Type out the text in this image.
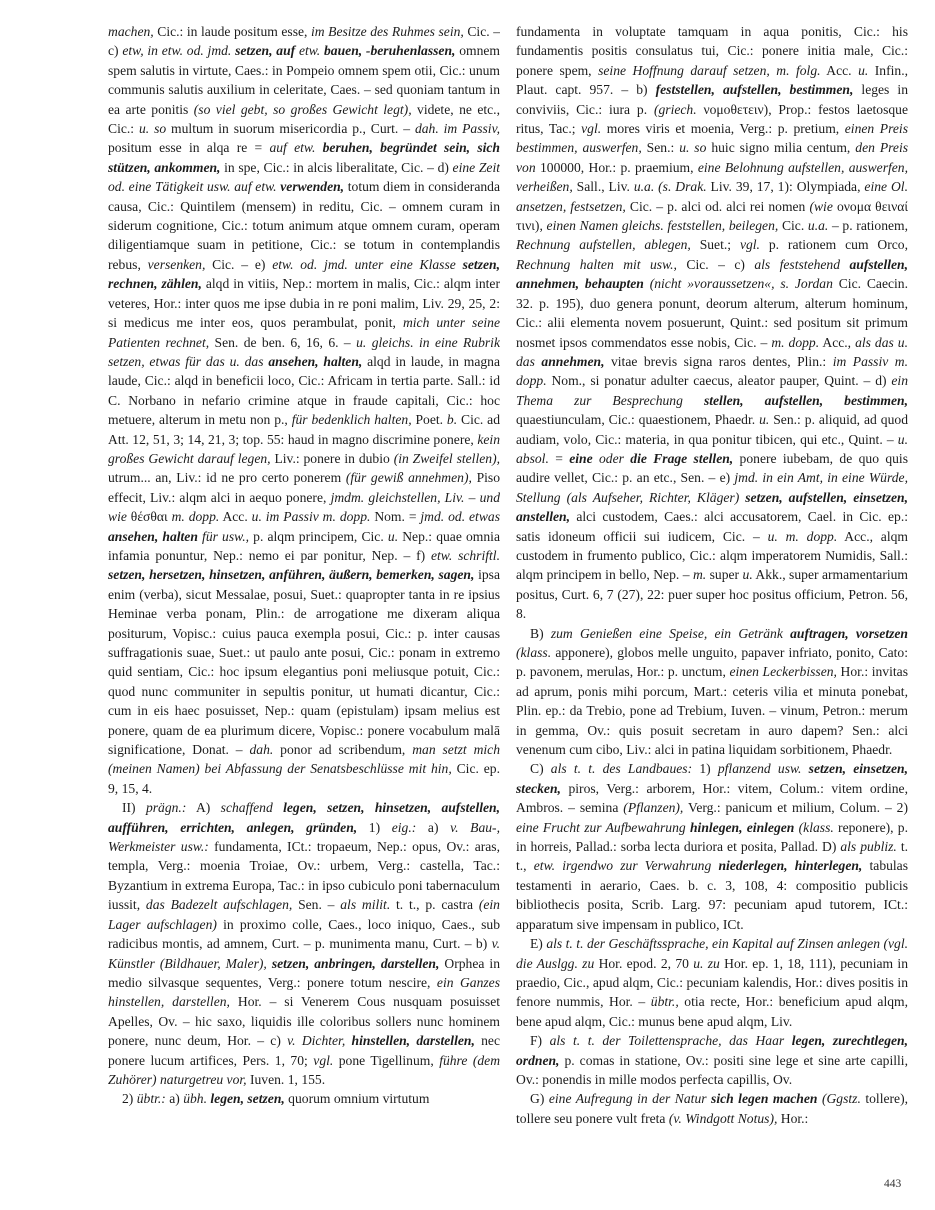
machen, Cic.: in laude positum esse, im Besitze des Ruhmes sein, Cic. – c) etw, in etw. od. jmd. setzen, auf etw. bauen, -beruhenlassen, omnem spem salutis in virtute, Caes.: in Pompeio omnem spem otii, Cic.: unum communis salutis auxilium in celeritate, Caes. – sed quoniam tantum in ea arte ponitis (so viel gebt, so großes Gewicht legt), videte, ne etc., Cic.: u. so multum in suorum misericordia p., Curt. – dah. im Passiv, positum esse in alqa re = auf etw. beruhen, begründet sein, sich stützen, ankommen, in spe, Cic.: in alcis liberalitate, Cic. – d) eine Zeit od. eine Tätigkeit usw. auf etw. verwenden, totum diem in consideranda causa, Cic.: Quintilem (mensem) in reditu, Cic. – omnem curam in siderum cognitione, Cic.: totum animum atque omnem curam, operam diligentiamque suam in petitione, Cic.: se totum in contemplandis rebus, versenken, Cic. – e) etw. od. jmd. unter eine Klasse setzen, rechnen, zählen, alqd in vitiis, Nep.: mortem in malis, Cic.: alqm inter veteres, Hor.: inter quos me ipse dubia in re poni malim, Liv. 29, 25, 2: si medicus me inter eos, quos perambulat, ponit, mich unter seine Patienten rechnet, Sen. de ben. 6, 16, 6. – u. gleichs. in eine Rubrik setzen, etwas für das u. das ansehen, halten, alqd in laude, in magna laude, Cic.: alqd in beneficii loco, Cic.: Africam in tertia parte. Sall.: id C. Norbano in nefario crimine atque in fraude capitali, Cic.: hoc metuere, alterum in metu non p., für bedenklich halten, Poet. b. Cic. ad Att. 12, 51, 3; 14, 21, 3; top. 55: haud in magno discrimine ponere, kein großes Gewicht darauf legen, Liv.: ponere in dubio (in Zweifel stellen), utrum... an, Liv.: id ne pro certo ponerem (für gewiß annehmen), Piso effecit, Liv.: alqm alci in aequo ponere, jmdm. gleichstellen, Liv. – und wie θέσθαι m. dopp. Acc. u. im Passiv m. dopp. Nom. = jmd. od. etwas ansehen, halten für usw., p. alqm principem, Cic. u. Nep.: quae omnia infamia ponuntur, Nep.: nemo ei par ponitur, Nep. – f) etw. schriftl. setzen, hersetzen, hinsetzen, anführen, äußern, bemerken, sagen, ipsa enim (verba), sicut Messalae, posui, Suet.: quapropter tanta in re ipsius Heminae verba ponam, Plin.: de arrogatione me dixeram aliqua positurum, Vopisc.: cuius pauca exempla posui, Cic.: p. inter causas suffragationis suae, Suet.: ut paulo ante posui, Cic.: ponam in extremo quid sentiam, Cic.: hoc ipsum elegantius poni meliusque potuit, Cic.: quod nunc communiter in sepultis ponitur, ut humati dicantur, Cic.: cum in eis haec posuisset, Nep.: quam (epistulam) ipsam melius est ponere, quam de ea plurimum dicere, Vopisc.: ponere vocabulum malā significatione, Donat. – dah. ponor ad scribendum, man setzt mich (meinen Namen) bei Abfassung der Senatsbeschlüsse mit hin, Cic. ep. 9, 15, 4.

II) prägn.: A) schaffend legen, setzen, hinsetzen, aufstellen, aufführen, errichten, anlegen, gründen, 1) eig.: a) v. Bau-, Werkmeister usw.: fundamenta, ICt.: tropaeum, Nep.: opus, Ov.: aras, templa, Verg.: moenia Troiae, Ov.: urbem, Verg.: castella, Tac.: Byzantium in extrema Europa, Tac.: in ipso cubiculo poni tabernaculum iussit, das Badezelt aufschlagen, Sen. – als milit. t. t., p. castra (ein Lager aufschlagen) in proximo colle, Caes., loco iniquo, Caes., sub radicibus montis, ad amnem, Curt. – p. munimenta manu, Curt. – b) v. Künstler (Bildhauer, Maler), setzen, anbringen, darstellen, Orphea in medio silvasque sequentes, Verg.: ponere totum nescire, ein Ganzes hinstellen, darstellen, Hor. – si Venerem Cous nusquam posuisset Apelles, Ov. – hic saxo, liquidis ille coloribus sollers nunc hominem ponere, nunc deum, Hor. – c) v. Dichter, hinstellen, darstellen, nec ponere lucum artifices, Pers. 1, 70; vgl. pone Tigellinum, führe (dem Zuhörer) naturgetreu vor, Iuven. 1, 155.

2) übtr.: a) übh. legen, setzen, quorum omnium virtutum

fundamenta in voluptate tamquam in aqua ponitis, Cic.: his fundamentis positis consulatus tui, Cic.: ponere initia male, Cic.: ponere spem, seine Hoffnung darauf setzen, m. folg. Acc. u. Infin., Plaut. capt. 957. – b) feststellen, aufstellen, bestimmen, leges in conviviis, Cic.: iura p. (griech. νομοθετειν), Prop.: festos laetosque ritus, Tac.; vgl. mores viris et moenia, Verg.: p. pretium, einen Preis bestimmen, auswerfen, Sen.: u. so huic signo milia centum, den Preis von 100000, Hor.: p. praemium, eine Belohnung aufstellen, auswerfen, verheißen, Sall., Liv. u.a. (s. Drak. Liv. 39, 17, 1): Olympiada, eine Ol. ansetzen, festsetzen, Cic. – p. alci od. alci rei nomen (wie ονομα θειναί τινι), einen Namen gleichs. feststellen, beilegen, Cic. u.a. – p. rationem, Rechnung aufstellen, ablegen, Suet.; vgl. p. rationem cum Orco, Rechnung halten mit usw., Cic. – c) als feststehend aufstellen, annehmen, behaupten (nicht »voraussetzen«, s. Jordan Cic. Caecin. 32. p. 195), duo genera ponunt, deorum alterum, alterum hominum, Cic.: alii elementa novem posuerunt, Quint.: sed positum sit primum nosmet ipsos commendatos esse nobis, Cic. – m. dopp. Acc., als das u. das annehmen, vitae brevis signa raros dentes, Plin.: im Passiv m. dopp. Nom., si ponatur adulter caecus, aleator pauper, Quint. – d) ein Thema zur Besprechung stellen, aufstellen, bestimmen, quaestiunculam, Cic.: quaestionem, Phaedr. u. Sen.: p. aliquid, ad quod audiam, volo, Cic.: materia, in qua ponitur tibicen, qui etc., Quint. – u. absol. = eine oder die Frage stellen, ponere iubebam, de quo quis audire vellet, Cic.: p. an etc., Sen. – e) jmd. in ein Amt, in eine Würde, Stellung (als Aufseher, Richter, Kläger) setzen, aufstellen, einsetzen, anstellen, alci custodem, Caes.: alci accusatorem, Cael. in Cic. ep.: satis idoneum officii sui iudicem, Cic. – u. m. dopp. Acc., alqm custodem in frumento publico, Cic.: alqm imperatorem Numidis, Sall.: alqm principem in bello, Nep. – m. super u. Akk., super armamentarium positus, Curt. 6, 7 (27), 22: puer super hoc positus officium, Petron. 56, 8.

B) zum Genießen eine Speise, ein Getränk auftragen, vorsetzen (klass. apponere), globos melle unguito, papaver infriato, ponito, Cato: p. pavonem, merulas, Hor.: p. unctum, einen Leckerbissen, Hor.: invitas ad aprum, ponis mihi porcum, Mart.: ceteris vilia et minuta ponebat, Plin. ep.: da Trebio, pone ad Trebium, Iuven. – vinum, Petron.: merum in gemma, Ov.: quis posuit secretam in auro dapem? Sen.: alci venenum cum cibo, Liv.: alci in patina liquidam sorbitionem, Phaedr.

C) als t. t. des Landbaues: 1) pflanzend usw. setzen, einsetzen, stecken, piros, Verg.: arborem, Hor.: vitem, Colum.: vitem ordine, Ambros. – semina (Pflanzen), Verg.: panicum et milium, Colum. – 2) eine Frucht zur Aufbewahrung hinlegen, einlegen (klass. reponere), p. in horreis, Pallad.: sorba lecta duriora et posita, Pallad. D) als publiz. t. t., etw. irgendwo zur Verwahrung niederlegen, hinterlegen, tabulas testamenti in aerario, Caes. b. c. 3, 108, 4: compositio publicis bibliothecis posita, Scrib. Larg. 97: pecuniam apud tutorem, ICt.: apparatum sive impensam in publico, ICt.

E) als t. t. der Geschäftssprache, ein Kapital auf Zinsen anlegen (vgl. die Auslgg. zu Hor. epod. 2, 70 u. zu Hor. ep. 1, 18, 111), pecuniam in praedio, Cic., apud alqm, Cic.: pecuniam kalendis, Hor.: dives positis in fenore nummis, Hor. – übtr., otia recte, Hor.: beneficium apud alqm, bene apud alqm, Cic.: munus bene apud alqm, Liv.

F) als t. t. der Toilettensprache, das Haar legen, zurechtlegen, ordnen, p. comas in statione, Ov.: positi sine lege et sine arte capilli, Ov.: ponendis in mille modos perfecta capillis, Ov.

G) eine Aufregung in der Natur sich legen machen (Ggstz. tollere), tollere seu ponere vult freta (v. Windgott Notus), Hor.:

443
